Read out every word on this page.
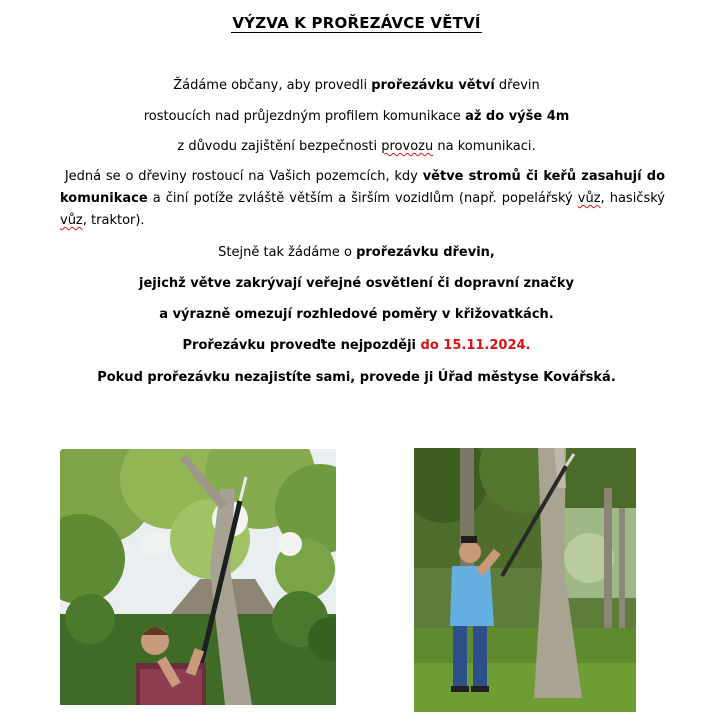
VÝZVA K PROŘEZÁVCE VĚTVÍ
Žádáme občany, aby provedli prořezávku větví dřevin
rostoucích nad průjezdným profilem komunikace až do výše 4m
z důvodu zajištění bezpečnosti provozu na komunikaci.
Jedná se o dřeviny rostoucí na Vašich pozemcích, kdy větve stromů či keřů zasahují do komunikace a činí potíže zvláště větším a širším vozidlům (např. popelářský vůz, hasičský vůz, traktor).
Stejně tak žádáme o prořezávku dřevin,
jejichž větve zakrývají veřejné osvětlení či dopravní značky
a výrazně omezují rozhledové poměry v křižovatkách.
Prořezávku proveďte nejpozději do 15.11.2024.
Pokud prořezávku nezajistíte sami, provede ji Úřad městyse Kovářská.
